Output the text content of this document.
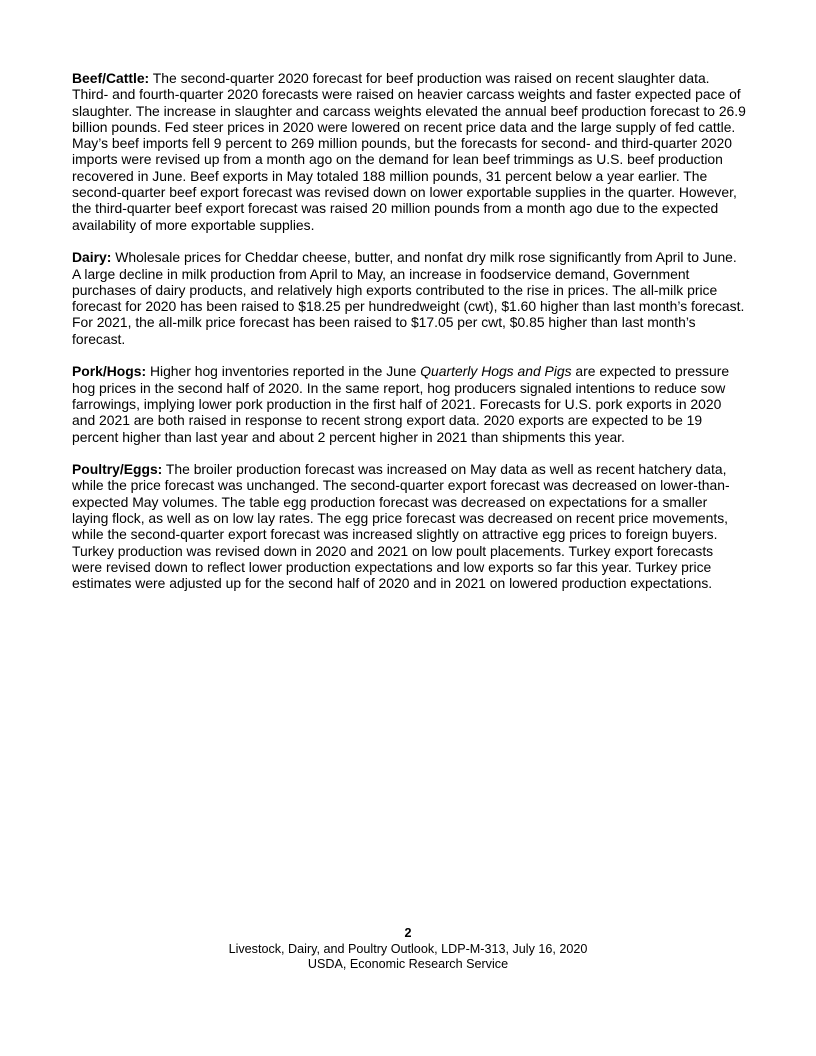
Beef/Cattle: The second-quarter 2020 forecast for beef production was raised on recent slaughter data. Third- and fourth-quarter 2020 forecasts were raised on heavier carcass weights and faster expected pace of slaughter. The increase in slaughter and carcass weights elevated the annual beef production forecast to 26.9 billion pounds. Fed steer prices in 2020 were lowered on recent price data and the large supply of fed cattle. May’s beef imports fell 9 percent to 269 million pounds, but the forecasts for second- and third-quarter 2020 imports were revised up from a month ago on the demand for lean beef trimmings as U.S. beef production recovered in June. Beef exports in May totaled 188 million pounds, 31 percent below a year earlier. The second-quarter beef export forecast was revised down on lower exportable supplies in the quarter. However, the third-quarter beef export forecast was raised 20 million pounds from a month ago due to the expected availability of more exportable supplies.

Dairy: Wholesale prices for Cheddar cheese, butter, and nonfat dry milk rose significantly from April to June. A large decline in milk production from April to May, an increase in foodservice demand, Government purchases of dairy products, and relatively high exports contributed to the rise in prices. The all-milk price forecast for 2020 has been raised to $18.25 per hundredweight (cwt), $1.60 higher than last month’s forecast. For 2021, the all-milk price forecast has been raised to $17.05 per cwt, $0.85 higher than last month’s forecast.

Pork/Hogs: Higher hog inventories reported in the June Quarterly Hogs and Pigs are expected to pressure hog prices in the second half of 2020. In the same report, hog producers signaled intentions to reduce sow farrowings, implying lower pork production in the first half of 2021. Forecasts for U.S. pork exports in 2020 and 2021 are both raised in response to recent strong export data. 2020 exports are expected to be 19 percent higher than last year and about 2 percent higher in 2021 than shipments this year.

Poultry/Eggs: The broiler production forecast was increased on May data as well as recent hatchery data, while the price forecast was unchanged. The second-quarter export forecast was decreased on lower-than-expected May volumes. The table egg production forecast was decreased on expectations for a smaller laying flock, as well as on low lay rates. The egg price forecast was decreased on recent price movements, while the second-quarter export forecast was increased slightly on attractive egg prices to foreign buyers. Turkey production was revised down in 2020 and 2021 on low poult placements. Turkey export forecasts were revised down to reflect lower production expectations and low exports so far this year. Turkey price estimates were adjusted up for the second half of 2020 and in 2021 on lowered production expectations.

2
Livestock, Dairy, and Poultry Outlook, LDP-M-313, July 16, 2020
USDA, Economic Research Service
